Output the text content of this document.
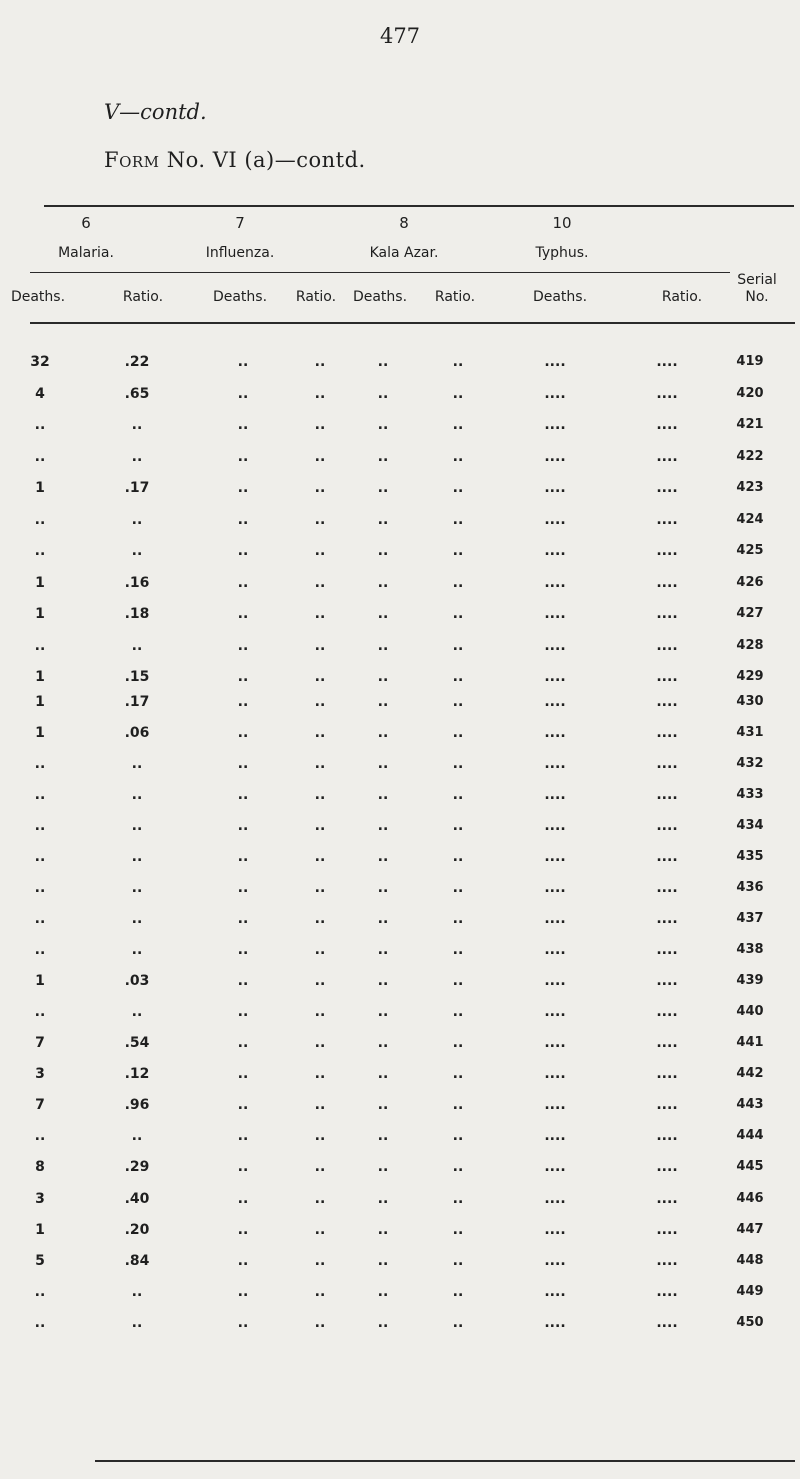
477
V—contd.
Form No. VI (a)—contd.
6	7	8	10
Malaria.	Influenza.	Kala Azar.	Typhus.
Deaths.	Ratio.	Deaths.	Ratio.	Deaths.	Ratio.	Deaths.	Ratio.
Serial
No.
32	.22	..	..	..	..	....	....	419
4	.65	..	..	..	..	....	....	420
..	..	..	..	..	..	....	....	421
..	..	..	..	..	..	....	....	422
1	.17	..	..	..	..	....	....	423
..	..	..	..	..	..	....	....	424
..	..	..	..	..	..	....	....	425
1	.16	..	..	..	..	....	....	426
1	.18	..	..	..	..	....	....	427
..	..	..	..	..	..	....	....	428
1	.15	..	..	..	..	....	....	429
1	.17	..	..	..	..	....	....	430
1	.06	..	..	..	..	....	....	431
..	..	..	..	..	..	....	....	432
..	..	..	..	..	..	....	....	433
..	..	..	..	..	..	....	....	434
..	..	..	..	..	..	....	....	435
..	..	..	..	..	..	....	....	436
..	..	..	..	..	..	....	....	437
..	..	..	..	..	..	....	....	438
1	.03	..	..	..	..	....	....	439
..	..	..	..	..	..	....	....	440
7	.54	..	..	..	..	....	....	441
3	.12	..	..	..	..	....	....	442
7	.96	..	..	..	..	....	....	443
..	..	..	..	..	..	....	....	444
8	.29	..	..	..	..	....	....	445
3	.40	..	..	..	..	....	....	446
1	.20	..	..	..	..	....	....	447
5	.84	..	..	..	..	....	....	448
..	..	..	..	..	..	....	....	449
..	..	..	..	..	..	....	....	450
